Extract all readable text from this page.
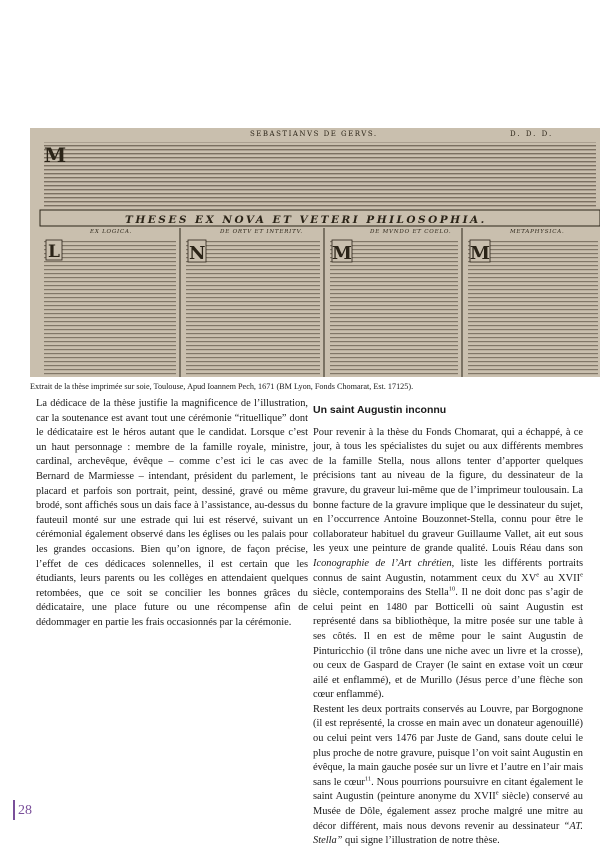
M
L	N	M	M
SEBASTIANVS DE GERVS.	D. D. D.
THESES EX NOVA ET VETERI PHILOSOPHIA.
EX LOGICA.	DE ORTV ET INTERITV.	DE MVNDO ET COELO.	METAPHYSICA.
Extrait de la thèse imprimée sur soie, Toulouse, Apud Ioannem Pech, 1671 (BM Lyon, Fonds Chomarat, Est. 17125).

La dédicace de la thèse justifie la magnificence de l’illustration, car la soutenance est avant tout une cérémonie “rituellique” dont le dédicataire est le héros autant que le candidat. Lorsque c’est un haut personnage : membre de la famille royale, ministre, cardinal, archevêque, évêque – comme c’est ici le cas avec Bernard de Marmiesse – intendant, président du parlement, le placard et parfois son portrait, peint, dessiné, gravé ou même brodé, sont affichés sous un dais face à l’assistance, au-dessus du fauteuil monté sur une estrade qui lui est réservé, suivant un cérémonial également observé dans les églises ou les palais pour les grandes occasions. Bien qu’on ignore, de façon précise, l’effet de ces dédicaces solennelles, il est certain que les étudiants, leurs parents ou les collèges en attendaient quelques retombées, que ce soit se concilier les bonnes grâces du dédicataire, une place future ou une récompense afin de dédommager en partie les frais occasionnés par la cérémonie.

Un saint Augustin inconnu

Pour revenir à la thèse du Fonds Chomarat, qui a échappé, à ce jour, à tous les spécialistes du sujet ou aux différents membres de la famille Stella, nous allons tenter d’apporter quelques précisions tant au niveau de la figure, du dessinateur de la gravure, du graveur lui-même que de l’imprimeur toulousain. La bonne facture de la gravure implique que le dessinateur du sujet, en l’occurrence Antoine Bouzonnet-Stella, connu pour être le collaborateur habituel du graveur Guillaume Vallet, ait eut sous les yeux une peinture de grande qualité. Louis Réau dans son Iconographie de l’Art chrétien, liste les différents portraits connus de saint Augustin, notamment ceux du XVe au XVIIe siècle, contemporains des Stella$^{10}$. Il ne doit donc pas s’agir de celui peint en 1480 par Botticelli où saint Augustin est représenté dans sa bibliothèque, la mitre posée sur une table à ses côtés. Il en est de même pour le saint Augustin de Pinturicchio (il trône dans une niche avec un livre et la crosse), ou ceux de Gaspard de Crayer (le saint en extase voit un cœur ailé et enflammé), et de Murillo (Jésus perce d’une flèche son cœur enflammé).

Restent les deux portraits conservés au Louvre, par Borgognone (il est représenté, la crosse en main avec un donateur agenouillé) ou celui peint vers 1476 par Juste de Gand, sans doute celui le plus proche de notre gravure, puisque l’on voit saint Augustin en évêque, la main gauche posée sur un livre et l’autre en l’air mais sans le cœur$^{11}$. Nous pourrions poursuivre en citant également le saint Augustin (peinture anonyme du XVIIe siècle) conservé au Musée de Dôle, également assez proche malgré une mitre au décor différent, mais nous devons revenir au dessinateur “AT. Stella” qui signe l’illustration de notre thèse.

28
